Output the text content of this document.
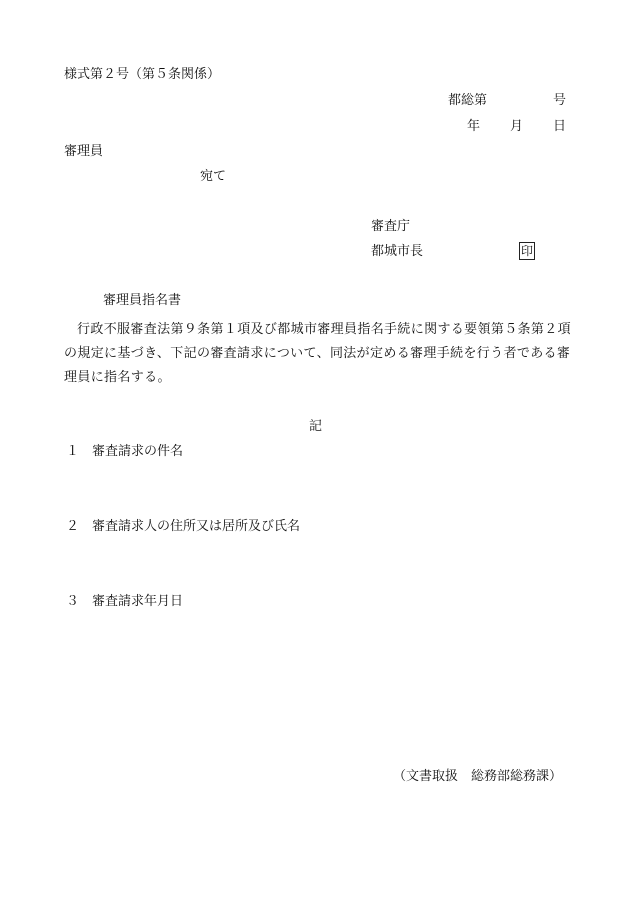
様式第２号（第５条関係）
都総第	号
年 月 日
審理員
宛て
審査庁
都城市長	印
審理員指名書
行政不服審査法第９条第１項及び都城市審理員指名手続に関する要領第５条第２項の規定に基づき、下記の審査請求について、同法が定める審理手続を行う者である審理員に指名する。
記
１　 審査請求の件名
２　 審査請求人の住所又は居所及び氏名
３　 審査請求年月日
（文書取扱　総務部総務課）
